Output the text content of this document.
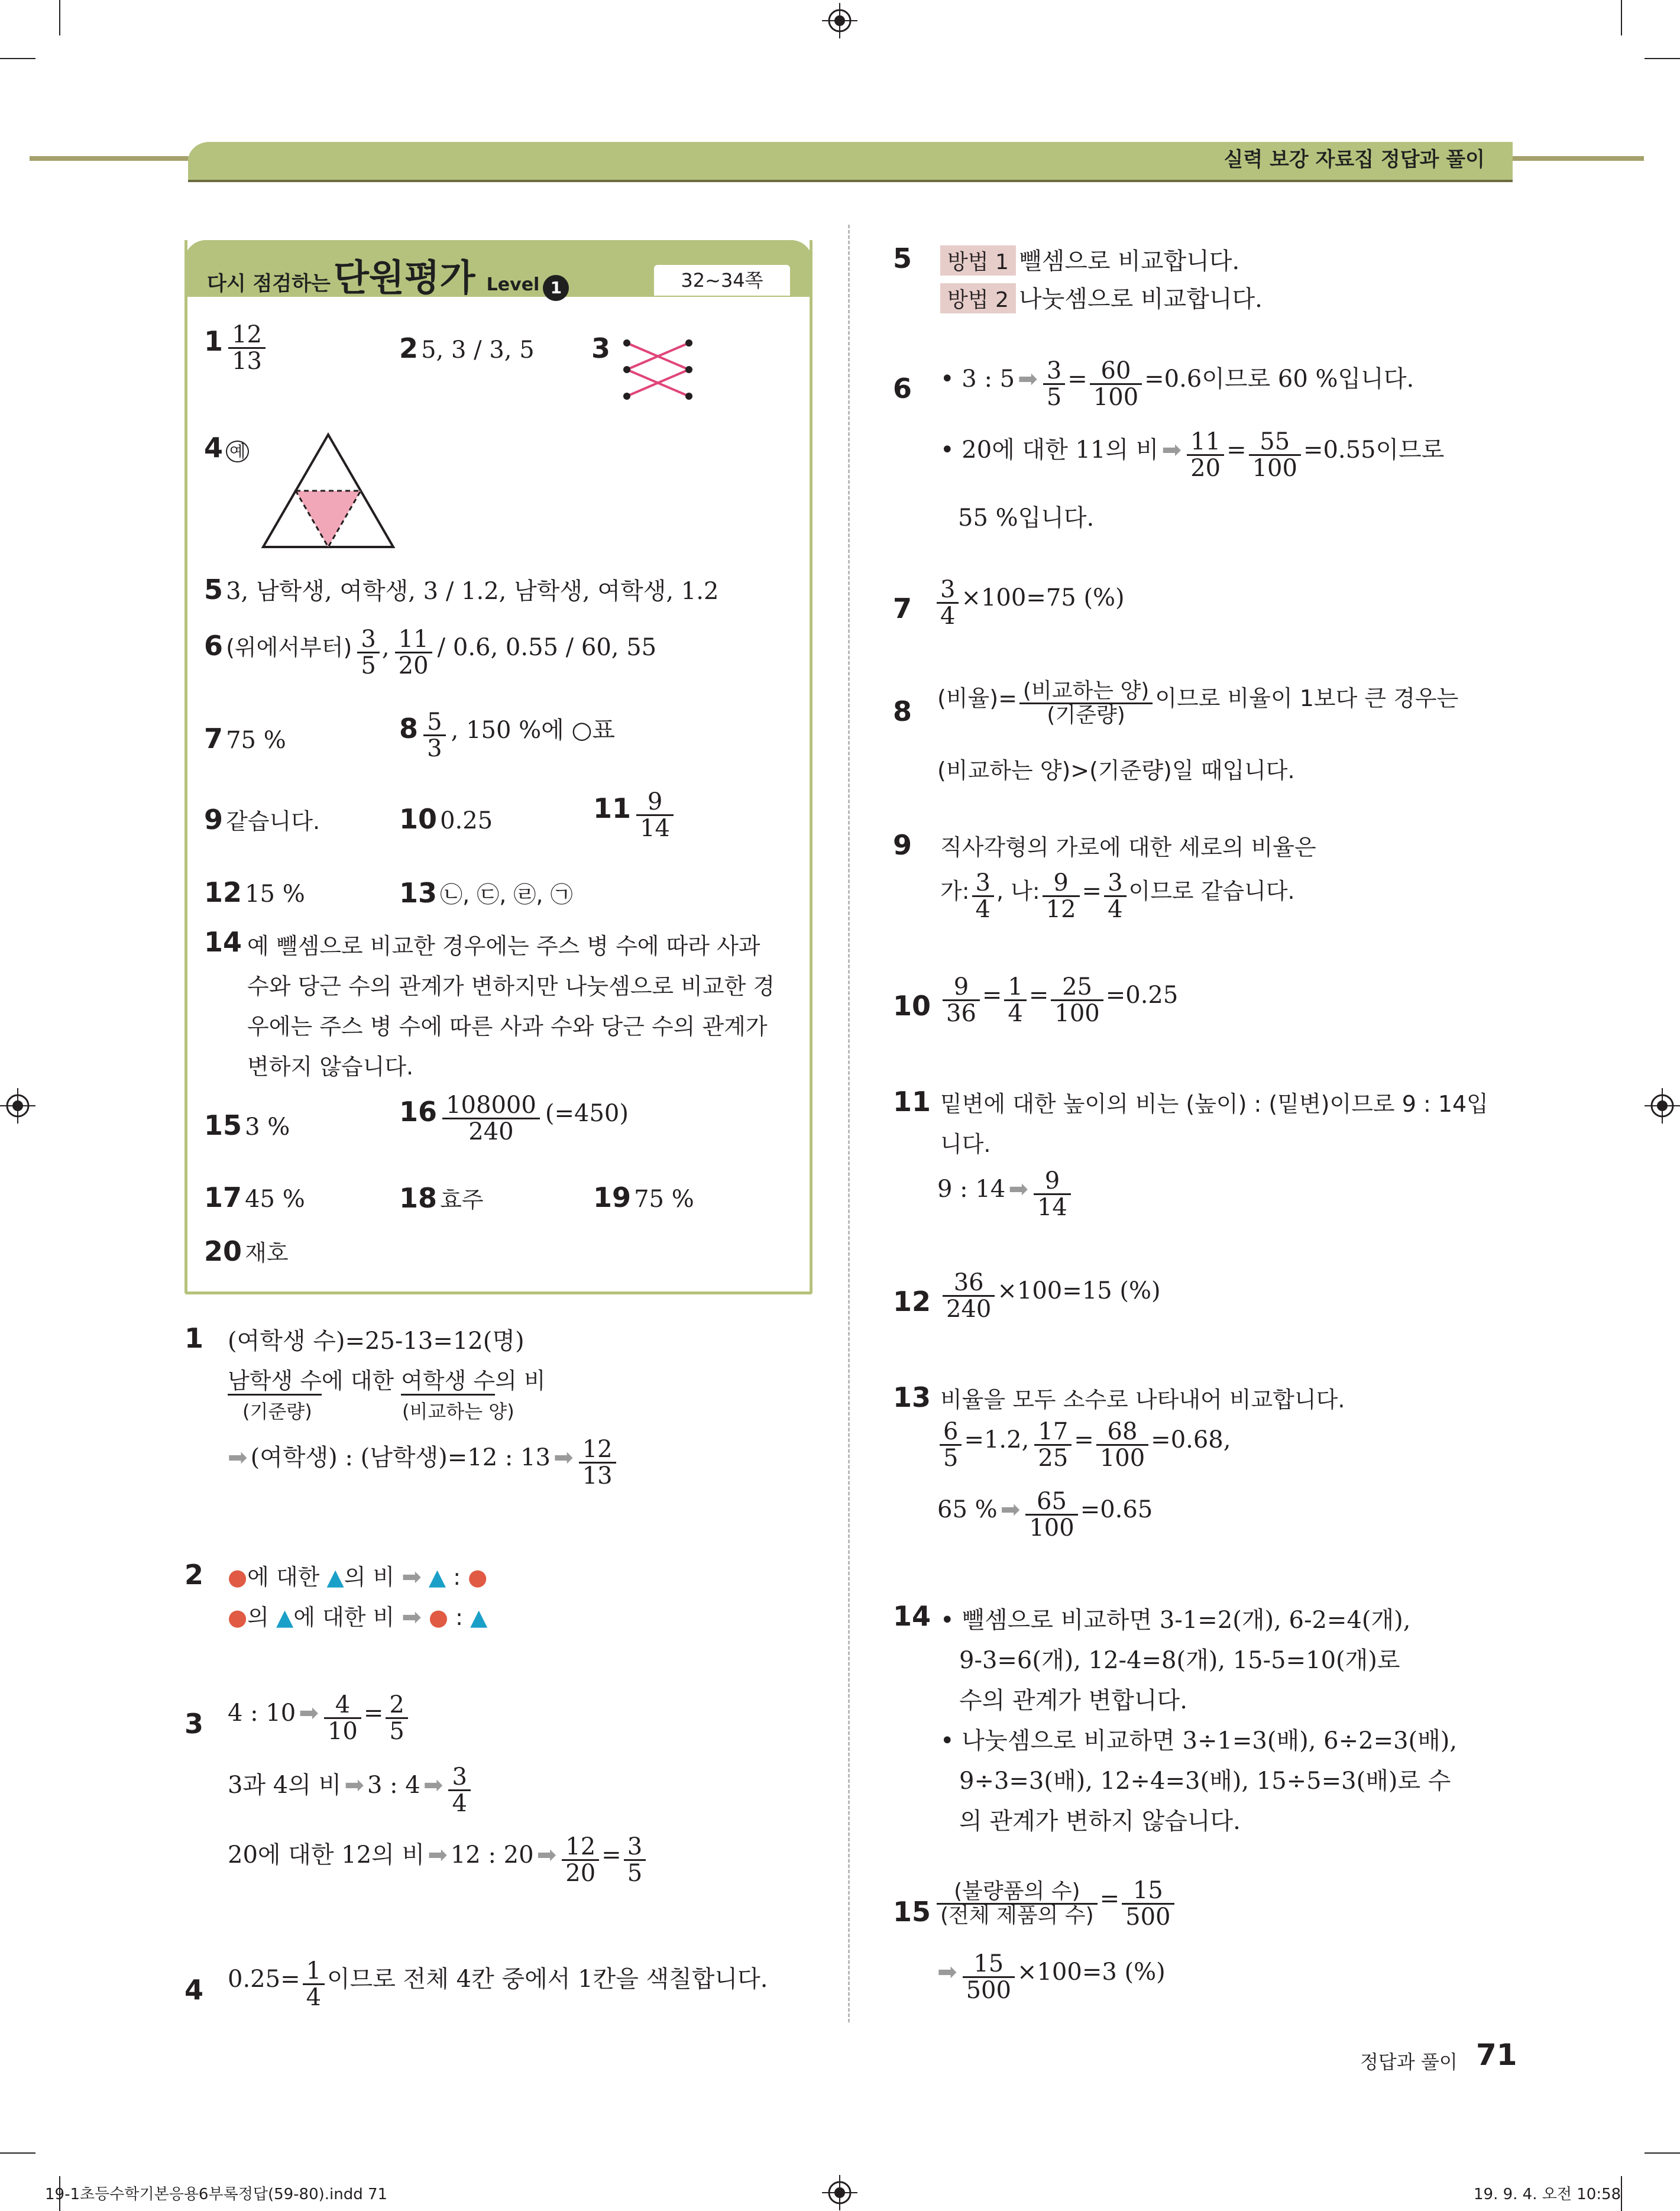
실력 보강 자료집 정답과 풀이
다시 점검하는 단원평가 Level 1	32~34쪽
$1 \frac{12}{13}$	2 5, 3 / 3, 5 3
4 예
5 3, 남학생, 여학생, 3 / 1.2, 남학생, 여학생, 1.2
6 (위에서부터) $\frac{3}{5}$ , $\frac{11}{20} / 0.6$, 0.55 / 60, 55
7 75 %	$8 \frac{5}{3}$ , 150 %에 ○표
9 같습니다.	10 0.25	$11 \frac{9}{14}$
12 15 %	13 ㉡, ㉢, ㉣, ㉠
14 예 뺄셈으로 비교한 경우에는 주스 병 수에 따라 사과
수와 당근 수의 관계가 변하지만 나눗셈으로 비교한 경
우에는 주스 병 수에 따른 사과 수와 당근 수의 관계가
변하지 않습니다.
15 3 %	$16 \frac{108000}{240} (=450)$
17 45 %	18 효주	19 75 %
20 재호
1 (여학생 수)=25-13=12(명)
남학생 수에 대한 여학생 수의 비
(기준량)	(비교하는 양)
➡ (여학생) : (남학생)=12 : 13 ➡ $\frac{12}{13}$
2 ●에 대한 ▲의 비 ➡ ▲ : ●
●의 ▲에 대한 비 ➡ ● : ▲
3 4 : 10 ➡ $\frac{4}{10} = \frac{2}{5}$
3과 4의 비 ➡ 3 : 4 ➡ $\frac{3}{4}$
20에 대한 12의 비 ➡ 12 : 20 ➡ $\frac{12}{20} = \frac{3}{5}$
4 $0.25= \frac{1}{4}$ 이므로 전체 4칸 중에서 1칸을 색칠합니다.
5	방법 1 뺄셈으로 비교합니다.
방법 2 나눗셈으로 비교합니다.
6 • 3 : 5 ➡ $\frac{3}{5} = \frac{60}{100} =0.6$이므로 60 %입니다.
• 20에 대한 11의 비 ➡ $\frac{11}{20} = \frac{55}{100} =0.55$이므로
55 %입니다.
$7 \frac{3}{4} \times 100=75$ (%)
8 (비율)= $\frac{\text{(비교하는 양)}}{\text{(기준량)}}$ 이므로 비율이 1보다 큰 경우는
(비교하는 양)>(기준량)일 때입니다.
9 직사각형의 가로에 대한 세로의 비율은
가: $\frac{3}{4}$ , 나: $\frac{9}{12} = \frac{3}{4}$ 이므로 같습니다.
$10 \frac{9}{36} = \frac{1}{4} = \frac{25}{100} =0.25$
11 밑변에 대한 높이의 비는 (높이) : (밑변)이므로 9 : 14입
니다.
9 : 14 ➡ $\frac{9}{14}$
$12 \frac{36}{240} \times 100=15$ (%)
13 비율을 모두 소수로 나타내어 비교합니다.
$\frac{6}{5} =1.2$, $\frac{17}{25} = \frac{68}{100} =0.68$,
65 % ➡ $\frac{65}{100} =0.65$
14 • 뺄셈으로 비교하면 3-1=2(개), 6-2=4(개),
9-3=6(개), 12-4=8(개), 15-5=10(개)로
수의 관계가 변합니다.
• 나눗셈으로 비교하면 3÷1=3(배), 6÷2=3(배),
9÷3=3(배), 12÷4=3(배), 15÷5=3(배)로 수
의 관계가 변하지 않습니다.
$15 \frac{\text{(불량품의 수)}}{\text{(전체 제품의 수)}} = \frac{15}{500}$
➡ $\frac{15}{500} \times 100=3$ (%)
정답과 풀이 71
19-1초등수학기본응용6부록정답(59-80).indd 71	19. 9. 4. 오전 10:58
